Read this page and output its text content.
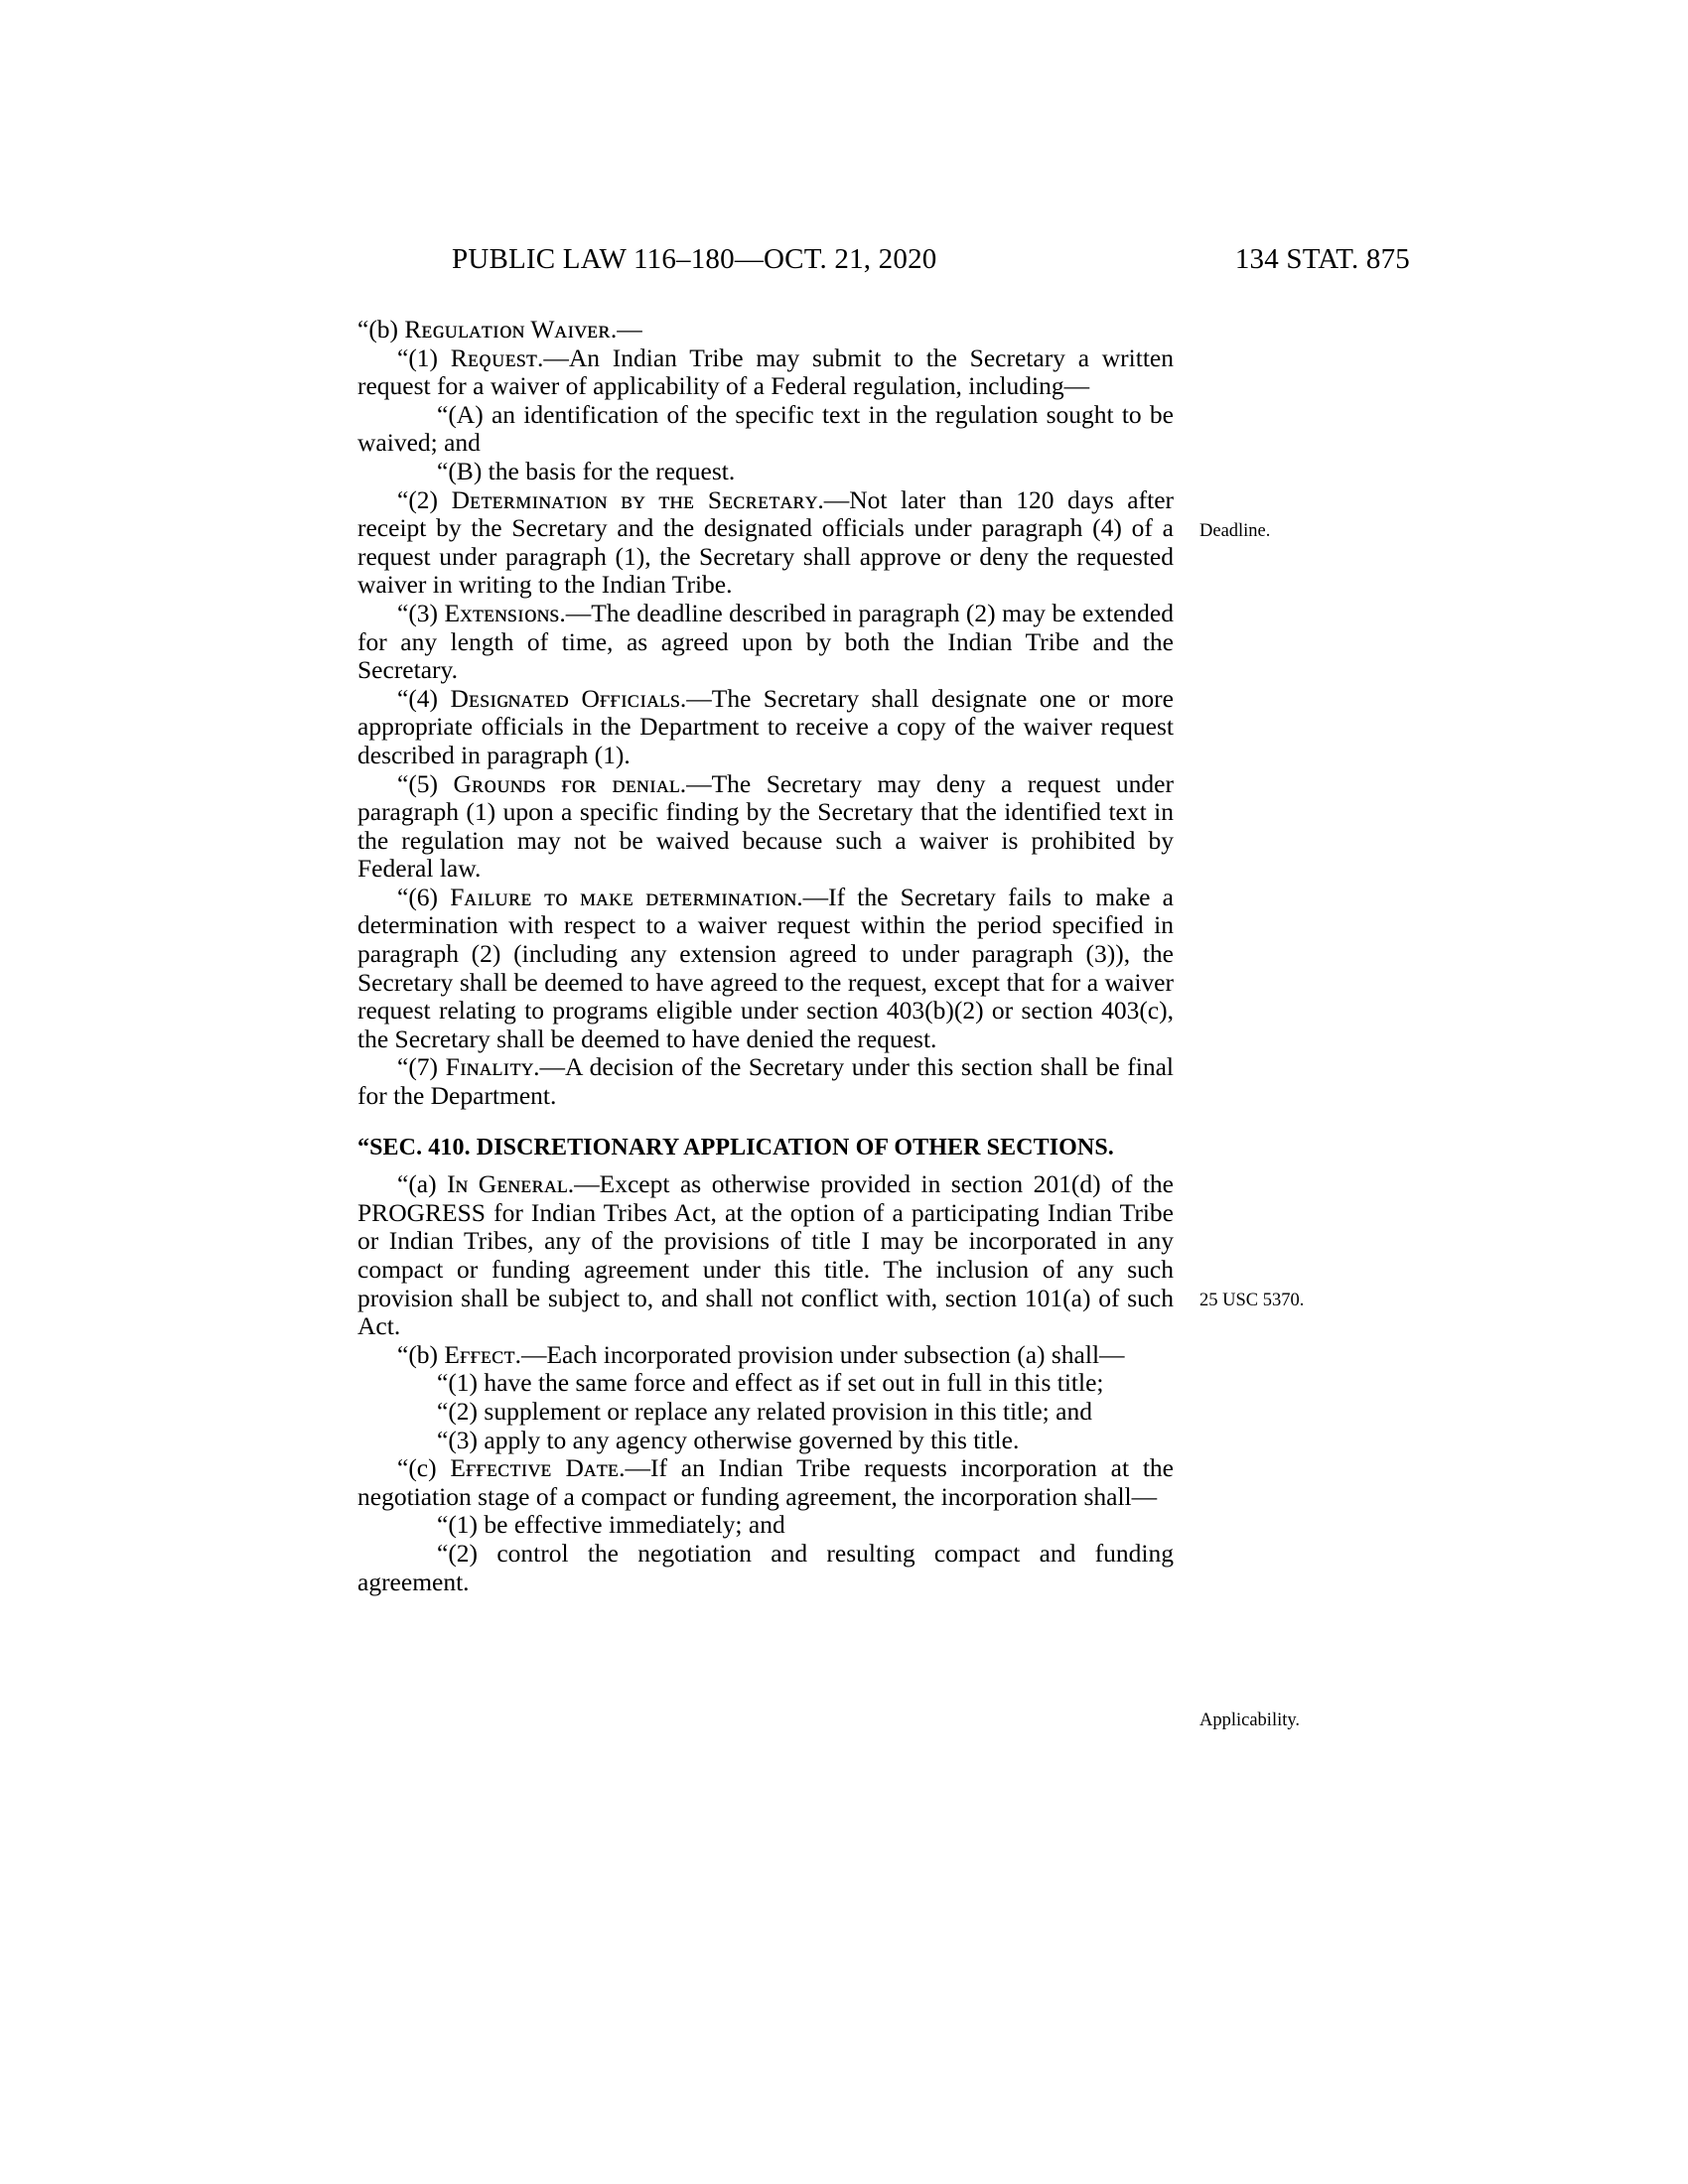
PUBLIC LAW 116–180—OCT. 21, 2020	134 STAT. 875

“(b) Rᴇɢᴜʟᴀᴛɪᴏɴ Wᴀɪᴠᴇʀ.—

“(1) Rᴇǫᴜᴇsᴛ.—An Indian Tribe may submit to the Secretary a written request for a waiver of applicability of a Federal regulation, including—

“(A) an identification of the specific text in the regulation sought to be waived; and

“(B) the basis for the request.

“(2) Dᴇᴛᴇʀᴍɪɴᴀᴛɪᴏɴ ʙʏ ᴛʜᴇ Sᴇᴄʀᴇᴛᴀʀʏ.—Not later than 120 days after receipt by the Secretary and the designated officials under paragraph (4) of a request under paragraph (1), the Secretary shall approve or deny the requested waiver in writing to the Indian Tribe.

“(3) Eхᴛᴇɴsɪᴏɴs.—The deadline described in paragraph (2) may be extended for any length of time, as agreed upon by both the Indian Tribe and the Secretary.

“(4) Dᴇsɪɢɴᴀᴛᴇᴅ Oғғɪᴄɪᴀʟs.—The Secretary shall designate one or more appropriate officials in the Department to receive a copy of the waiver request described in paragraph (1).

“(5) Gʀᴏᴜɴᴅs ғᴏʀ ᴅᴇɴɪᴀʟ.—The Secretary may deny a request under paragraph (1) upon a specific finding by the Secretary that the identified text in the regulation may not be waived because such a waiver is prohibited by Federal law.

“(6) Fᴀɪʟᴜʀᴇ ᴛᴏ ᴍᴀᴋᴇ ᴅᴇᴛᴇʀᴍɪɴᴀᴛɪᴏɴ.—If the Secretary fails to make a determination with respect to a waiver request within the period specified in paragraph (2) (including any extension agreed to under paragraph (3)), the Secretary shall be deemed to have agreed to the request, except that for a waiver request relating to programs eligible under section 403(b)(2) or section 403(c), the Secretary shall be deemed to have denied the request.

“(7) Fɪɴᴀʟɪᴛʏ.—A decision of the Secretary under this section shall be final for the Department.

“SEC. 410. DISCRETIONARY APPLICATION OF OTHER SECTIONS.

“(a) Iɴ Gᴇɴᴇʀᴀʟ.—Except as otherwise provided in section 201(d) of the PROGRESS for Indian Tribes Act, at the option of a participating Indian Tribe or Indian Tribes, any of the provisions of title I may be incorporated in any compact or funding agreement under this title. The inclusion of any such provision shall be subject to, and shall not conflict with, section 101(a) of such Act.

“(b) Eғғᴇᴄᴛ.—Each incorporated provision under subsection (a) shall—

“(1) have the same force and effect as if set out in full in this title;

“(2) supplement or replace any related provision in this title; and

“(3) apply to any agency otherwise governed by this title.

“(c) Eғғᴇᴄᴛɪᴠᴇ Dᴀᴛᴇ.—If an Indian Tribe requests incorporation at the negotiation stage of a compact or funding agreement, the incorporation shall—

“(1) be effective immediately; and

“(2) control the negotiation and resulting compact and funding agreement.

Deadline.
25 USC 5370.
Applicability.
